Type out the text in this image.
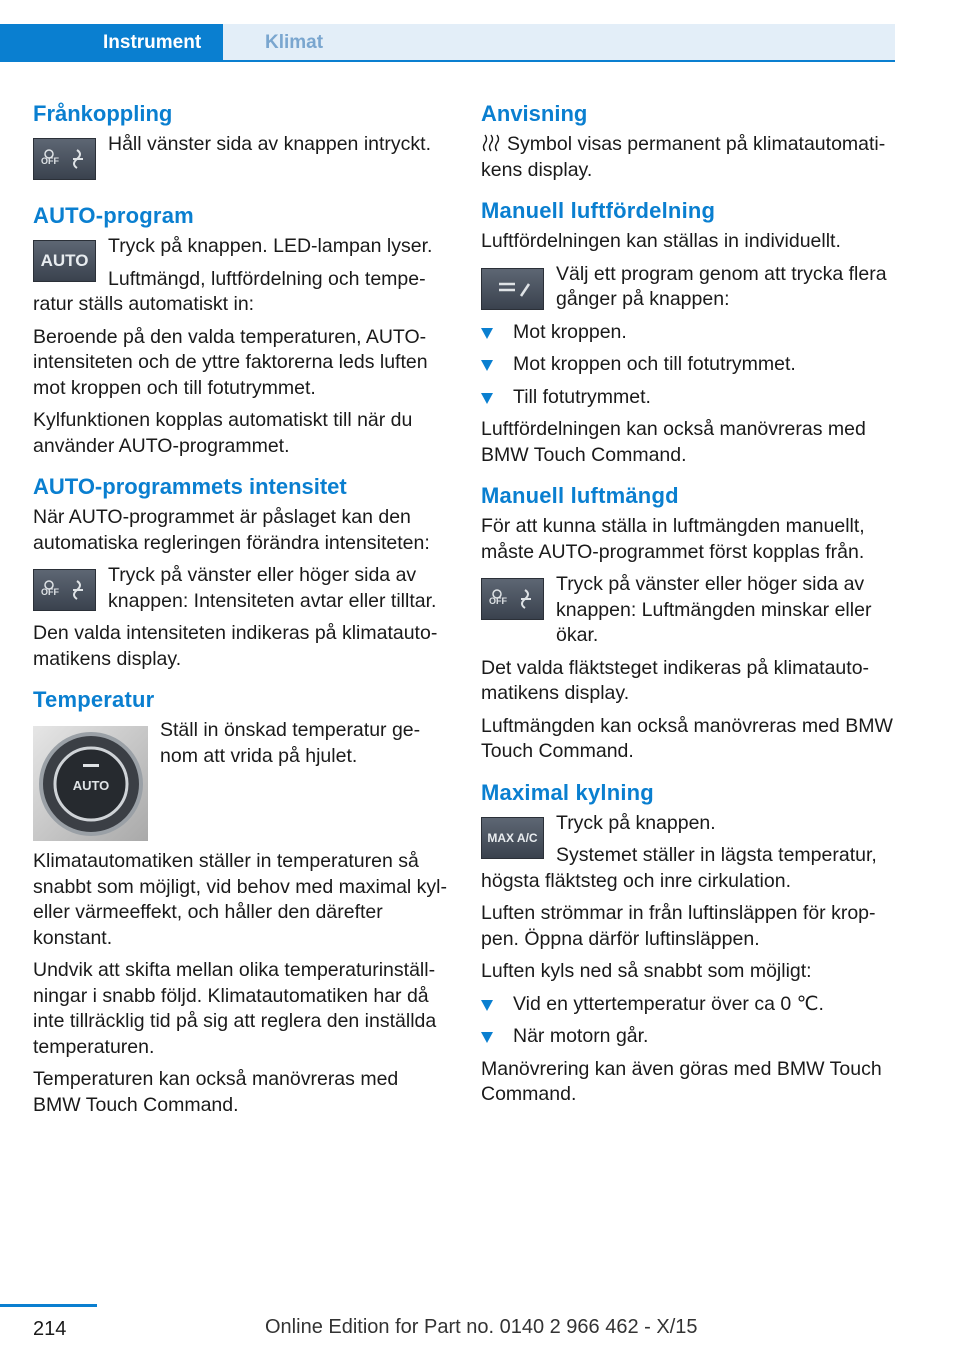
Instrument	Klimat
Frånkoppling
OFF

Håll vänster sida av knappen intryckt.

AUTO-program
AUTO

Tryck på knappen. LED-lampan lyser.

Luftmängd, luftfördelning och temperatur ställs automatiskt in:

Beroende på den valda temperaturen, AUTO-intensiteten och de yttre faktorerna leds luften mot kroppen och till fotutrymmet.

Kylfunktionen kopplas automatiskt till när du använder AUTO-programmet.

AUTO-programmets intensitet

När AUTO-programmet är påslaget kan den automatiska regleringen förändra intensiteten:

OFF

Tryck på vänster eller höger sida av knappen: Intensiteten avtar eller tilltar.

Den valda intensiteten indikeras på klimatautomatikens display.

Temperatur
AUTO

Ställ in önskad temperatur genom att vrida på hjulet.

Klimatautomatiken ställer in temperaturen så snabbt som möjligt, vid behov med maximal kyl- eller värmeeffekt, och håller den därefter konstant.

Undvik att skifta mellan olika temperaturinställningar i snabb följd. Klimatautomatiken har då inte tillräcklig tid på sig att reglera den inställda temperaturen.

Temperaturen kan också manövreras med BMW Touch Command.

Anvisning

Symbol visas permanent på klimatautomatikens display.

Manuell luftfördelning

Luftfördelningen kan ställas in individuellt.

Välj ett program genom att trycka flera gånger på knappen:

Mot kroppen.
Mot kroppen och till fotutrymmet.
Till fotutrymmet.

Luftfördelningen kan också manövreras med BMW Touch Command.

Manuell luftmängd

För att kunna ställa in luftmängden manuellt, måste AUTO-programmet först kopplas från.

OFF

Tryck på vänster eller höger sida av knappen: Luftmängden minskar eller ökar.

Det valda fläktsteget indikeras på klimatautomatikens display.

Luftmängden kan också manövreras med BMW Touch Command.

Maximal kylning
MAX A/C

Tryck på knappen.

Systemet ställer in lägsta temperatur, högsta fläktsteg och inre cirkulation.

Luften strömmar in från luftinsläppen för kroppen. Öppna därför luftinsläppen.

Luften kyls ned så snabbt som möjligt:

Vid en yttertemperatur över ca 0 ℃.
När motorn går.

Manövrering kan även göras med BMW Touch Command.

214	Online Edition for Part no. 0140 2 966 462 - X/15
